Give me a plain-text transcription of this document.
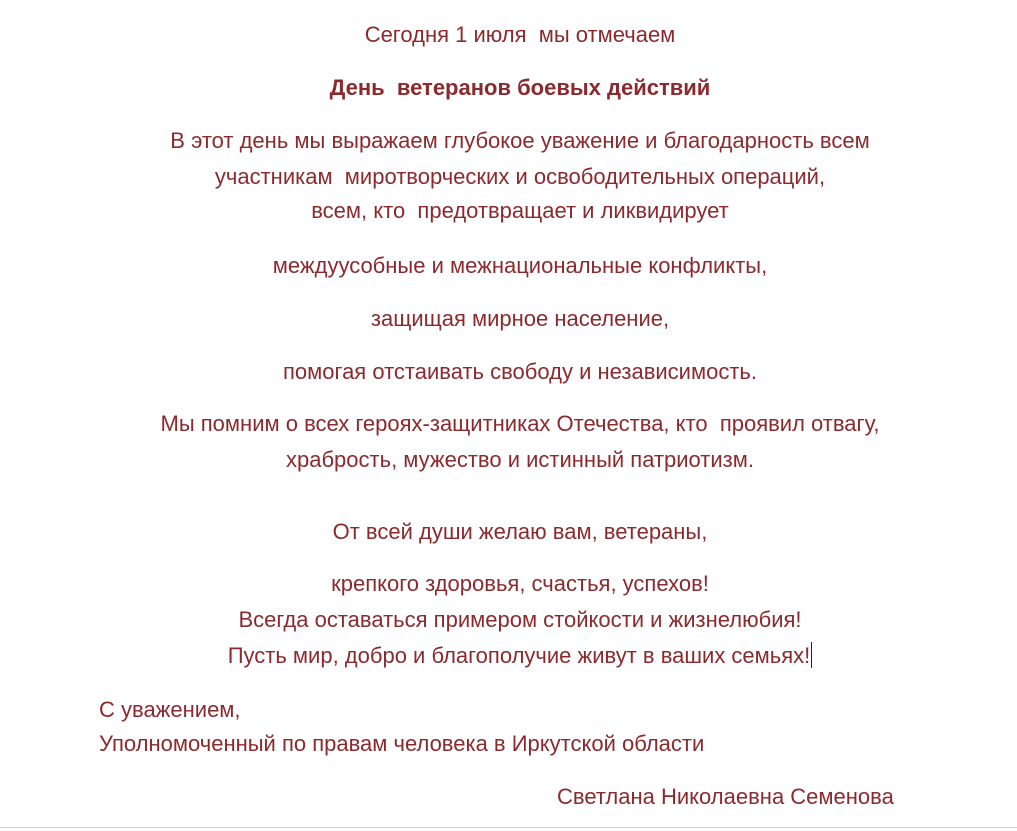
Сегодня 1 июля  мы отмечаем
День  ветеранов боевых действий
В этот день мы выражаем глубокое уважение и благодарность всем
участникам  миротворческих и освободительных операций,
всем, кто  предотвращает и ликвидирует
междуусобные и межнациональные конфликты,
защищая мирное население,
помогая отстаивать свободу и независимость.
Мы помним о всех героях-защитниках Отечества, кто  проявил отвагу,
храбрость, мужество и истинный патриотизм.
От всей души желаю вам, ветераны,
крепкого здоровья, счастья, успехов!
Всегда оставаться примером стойкости и жизнелюбия!
Пусть мир, добро и благополучие живут в ваших семьях!
С уважением,
Уполномоченный по правам человека в Иркутской области
Светлана Николаевна Семенова
